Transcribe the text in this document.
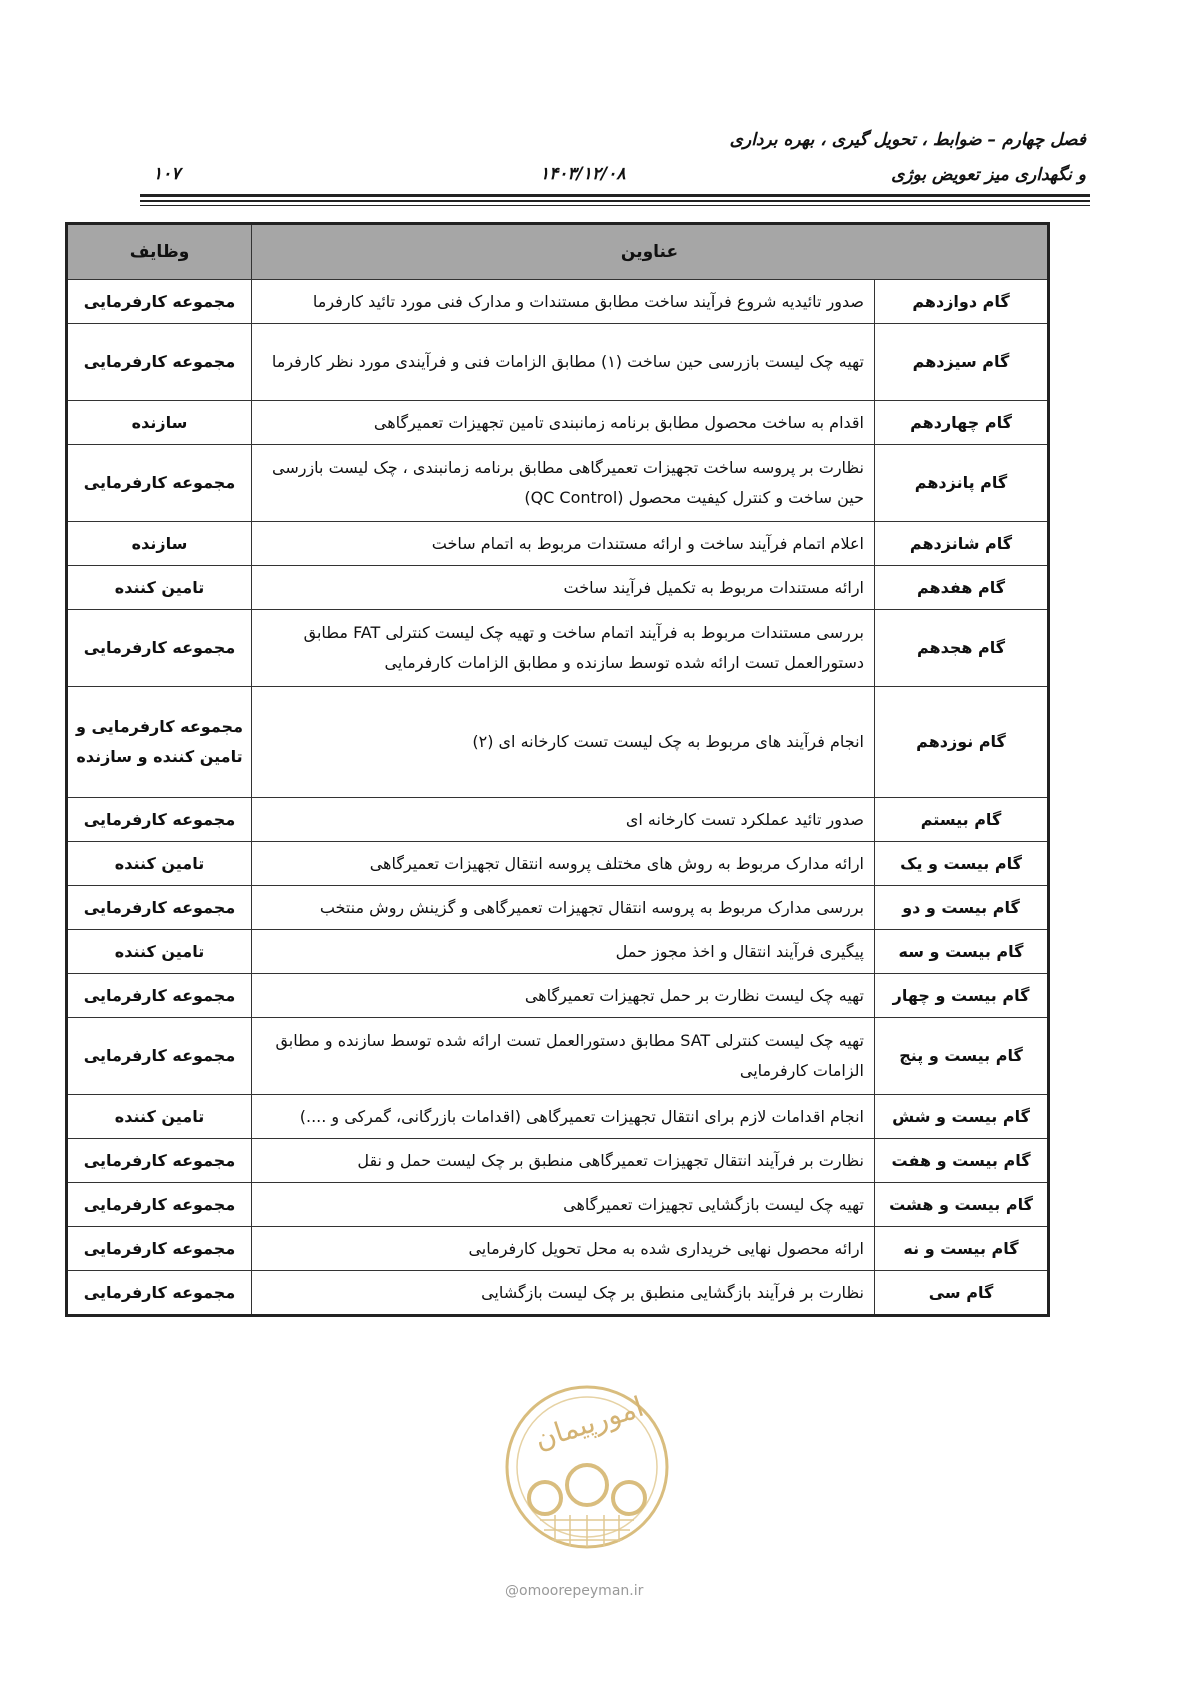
فصل چهارم – ضوابط ، تحویل گیری ، بهره برداری
و نگهداری میز تعویض بوژی
۱۴۰۳/۱۲/۰۸
۱۰۷
عناوین		وظایف
گام دوازدهم	صدور تائیدیه شروع فرآیند ساخت مطابق مستندات و مدارک فنی مورد تائید کارفرما	مجموعه کارفرمایی
گام سیزدهم	تهیه چک لیست بازرسی حین ساخت (۱) مطابق الزامات فنی و فرآیندی مورد نظر کارفرما	مجموعه کارفرمایی
گام چهاردهم	اقدام به ساخت محصول مطابق برنامه زمانبندی تامین تجهیزات تعمیرگاهی	سازنده
گام پانزدهم	نظارت بر پروسه ساخت تجهیزات تعمیرگاهی مطابق برنامه زمانبندی ، چک لیست بازرسی حین ساخت و کنترل کیفیت محصول (QC Control)	مجموعه کارفرمایی
گام شانزدهم	اعلام اتمام فرآیند ساخت و ارائه مستندات مربوط به اتمام ساخت	سازنده
گام هفدهم	ارائه مستندات مربوط به تکمیل فرآیند ساخت	تامین کننده
گام هجدهم	بررسی مستندات مربوط به فرآیند اتمام ساخت و تهیه چک لیست کنترلی FAT مطابق دستورالعمل تست ارائه شده توسط سازنده و مطابق الزامات کارفرمایی	مجموعه کارفرمایی
گام نوزدهم	انجام فرآیند های مربوط به چک لیست تست کارخانه ای (۲)	مجموعه کارفرمایی و تامین کننده و سازنده
گام بیستم	صدور تائید عملکرد تست کارخانه ای	مجموعه کارفرمایی
گام بیست و یک	ارائه مدارک مربوط به روش های مختلف پروسه انتقال تجهیزات تعمیرگاهی	تامین کننده
گام بیست و دو	بررسی مدارک مربوط به پروسه انتقال تجهیزات تعمیرگاهی و گزینش روش منتخب	مجموعه کارفرمایی
گام بیست و سه	پیگیری فرآیند انتقال و اخذ مجوز حمل	تامین کننده
گام بیست و چهار	تهیه چک لیست نظارت بر حمل تجهیزات تعمیرگاهی	مجموعه کارفرمایی
گام بیست و پنج	تهیه چک لیست کنترلی SAT مطابق دستورالعمل تست ارائه شده توسط سازنده و مطابق الزامات کارفرمایی	مجموعه کارفرمایی
گام بیست و شش	انجام اقدامات لازم برای انتقال تجهیزات تعمیرگاهی (اقدامات بازرگانی، گمرکی و ....)	تامین کننده
گام بیست و هفت	نظارت بر فرآیند انتقال تجهیزات تعمیرگاهی منطبق بر چک لیست حمل و نقل	مجموعه کارفرمایی
گام بیست و هشت	تهیه چک لیست بازگشایی تجهیزات تعمیرگاهی	مجموعه کارفرمایی
گام بیست و نه	ارائه محصول نهایی خریداری شده به محل تحویل کارفرمایی	مجموعه کارفرمایی
گام سی	نظارت بر فرآیند بازگشایی منطبق بر چک لیست بازگشایی	مجموعه کارفرمایی
امورپیمان
@omoorepeyman.ir
